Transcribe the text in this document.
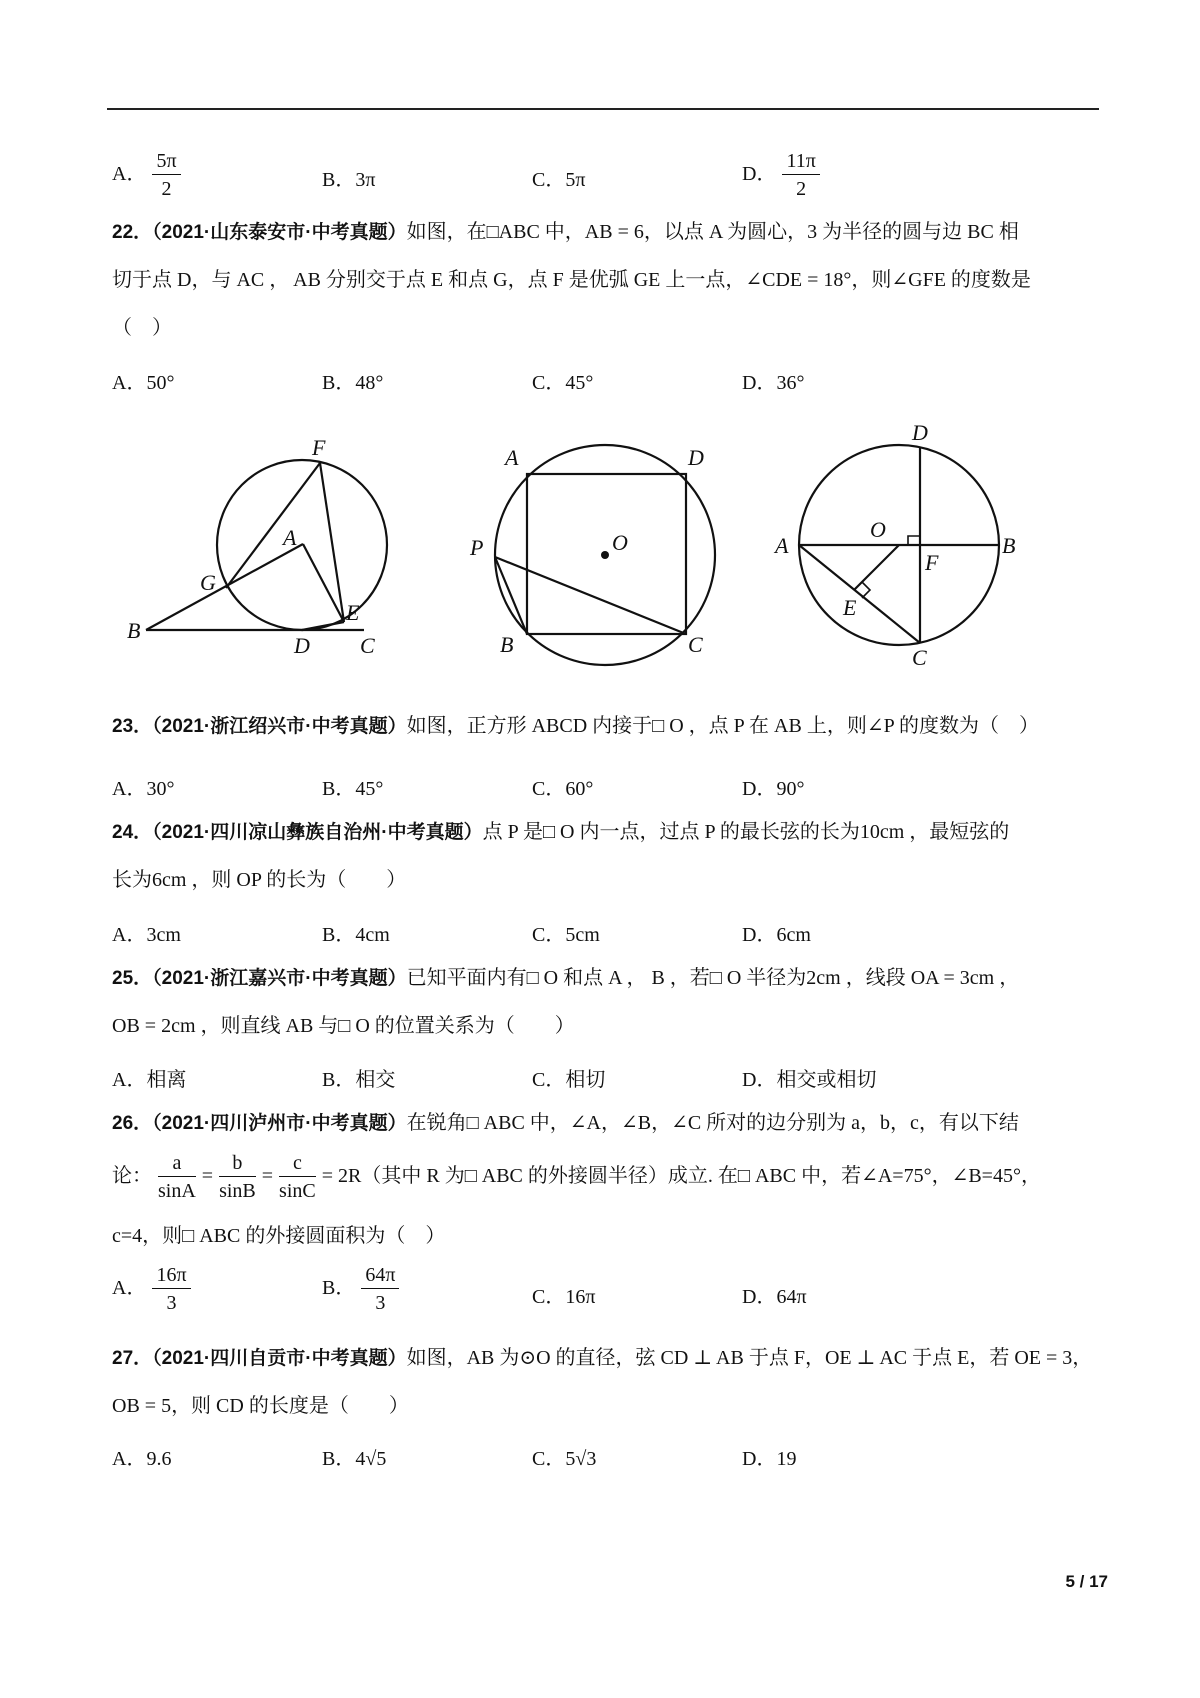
A． $\frac{5\pi}{2}$	B．3π	C．5π	D． $\frac{11\pi}{2}$
22．（2021·山东泰安市·中考真题）如图，在□ABC 中，AB = 6，以点 A 为圆心，3 为半径的圆与边 BC 相
切于点 D，与 AC ， AB 分别交于点 E 和点 G，点 F 是优弧 GE 上一点，∠CDE = 18°，则∠GFE 的度数是
（　）
A．50°	B．48°	C．45°	D．36°
F
A
G
B
D
E
C
A	D
O
P
B	C
D
A
O
B
F
E
C
23．（2021·浙江绍兴市·中考真题）如图，正方形 ABCD 内接于□ O ，点 P 在 AB 上，则∠P 的度数为（　）
A．30°	B．45°	C．60°	D．90°
24．（2021·四川凉山彝族自治州·中考真题）点 P 是□ O 内一点，过点 P 的最长弦的长为10cm ，最短弦的
长为6cm ，则 OP 的长为（　　）
A．3cm	B．4cm	C．5cm	D．6cm
25．（2021·浙江嘉兴市·中考真题）已知平面内有□ O 和点 A ， B ，若□ O 半径为2cm ，线段 OA = 3cm ，
OB = 2cm ，则直线 AB 与□ O 的位置关系为（　　）
A．相离	B．相交	C．相切	D．相交或相切
26．（2021·四川泸州市·中考真题）在锐角□ ABC 中，∠A，∠B，∠C 所对的边分别为 a，b，c，有以下结
论： $\frac{a}{\sin A} = \frac{b}{\sin B} = \frac{c}{\sin C} = 2R$（其中 R 为□ ABC 的外接圆半径）成立. 在□ ABC 中，若∠A=75°，∠B=45°，
c=4，则□ ABC 的外接圆面积为（　）
A． $\frac{16\pi}{3}$	B． $\frac{64\pi}{3}$	C．16π	D．64π
27．（2021·四川自贡市·中考真题）如图，AB 为⊙O 的直径，弦 CD ⊥ AB 于点 F，OE ⊥ AC 于点 E，若 OE = 3，
OB = 5，则 CD 的长度是（　　）
A．9.6	B．4√5	C．5√3	D．19
5 / 17
